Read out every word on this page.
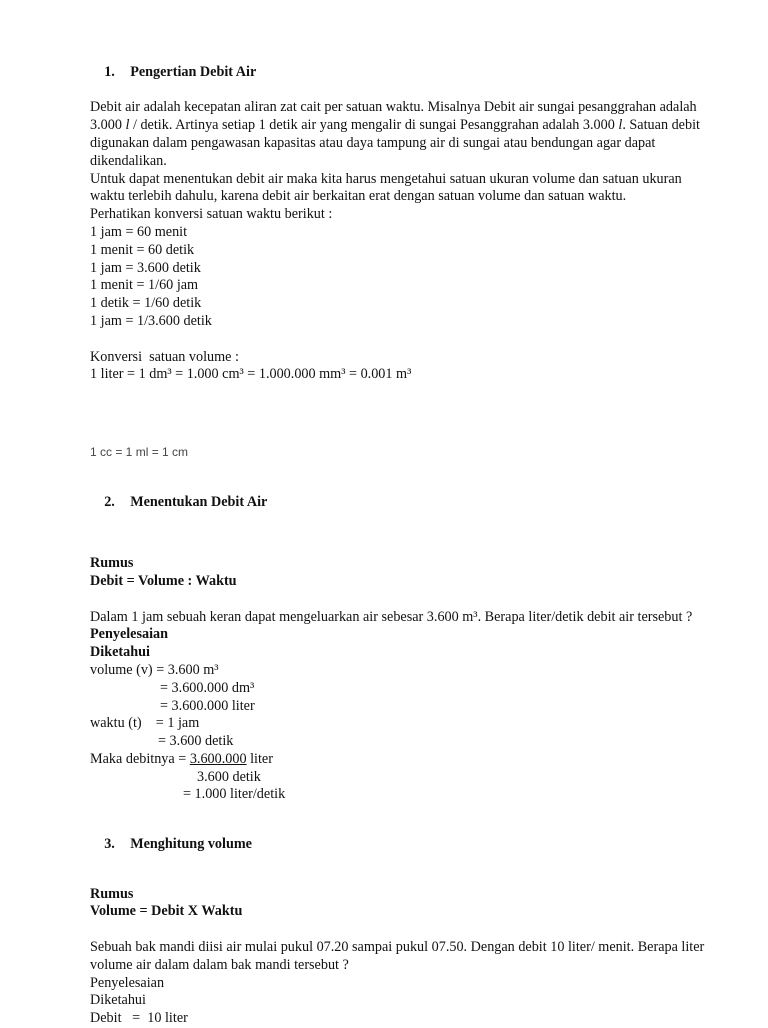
1. Pengertian Debit Air

Debit air adalah kecepatan aliran zat cait per satuan waktu. Misalnya Debit air sungai pesanggrahan adalah 3.000 l / detik. Artinya setiap 1 detik air yang mengalir di sungai Pesanggrahan adalah 3.000 l. Satuan debit digunakan dalam pengawasan kapasitas atau daya tampung air di sungai atau bendungan agar dapat dikendalikan.
Untuk dapat menentukan debit air maka kita harus mengetahui satuan ukuran volume dan satuan ukuran waktu terlebih dahulu, karena debit air berkaitan erat dengan satuan volume dan satuan waktu.
Perhatikan konversi satuan waktu berikut :
1 jam = 60 menit
1 menit = 60 detik
1 jam = 3.600 detik
1 menit = 1/60 jam
1 detik = 1/60 detik
1 jam = 1/3.600 detik
Konversi  satuan volume :
1 liter = 1 dm³ = 1.000 cm³ = 1.000.000 mm³ = 0.001 m³
1 cc = 1 ml = 1 cm

2. Menentukan Debit Air

Rumus
Debit = Volume : Waktu
Dalam 1 jam sebuah keran dapat mengeluarkan air sebesar 3.600 m³. Berapa liter/detik debit air tersebut ?
Penyelesaian
Diketahui
volume (v) = 3.600 m³
= 3.600.000 dm³
= 3.600.000 liter
waktu (t)    = 1 jam
= 3.600 detik
Maka debitnya = 3.600.000 liter
3.600 detik
= 1.000 liter/detik

3. Menghitung volume

Rumus
Volume = Debit X Waktu
Sebuah bak mandi diisi air mulai pukul 07.20 sampai pukul 07.50. Dengan debit 10 liter/ menit. Berapa liter volume air dalam dalam bak mandi tersebut ?
Penyelesaian
Diketahui
Debit   =  10 liter
